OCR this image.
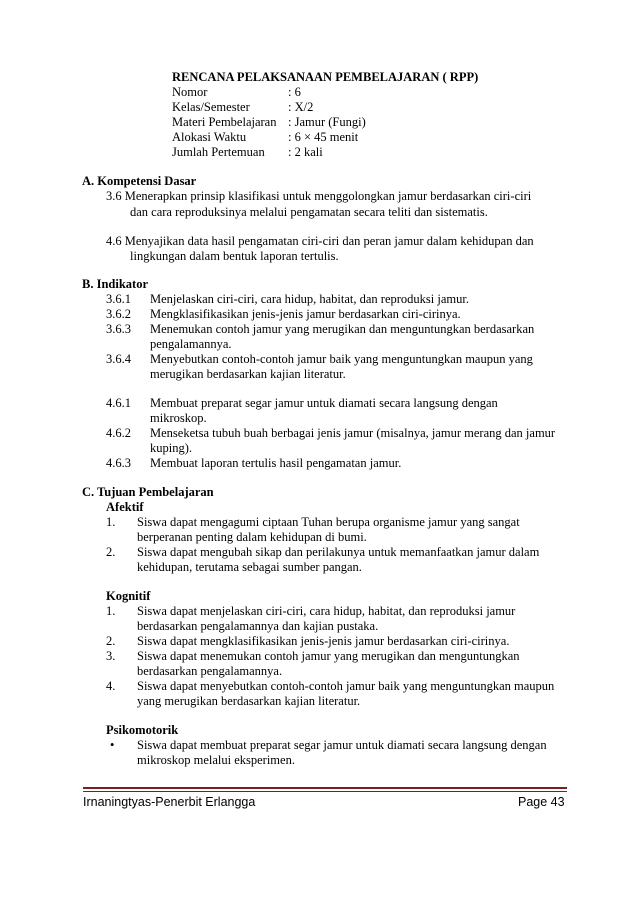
RENCANA PELAKSANAAN PEMBELAJARAN ( RPP)
Nomor	: 6
Kelas/Semester	: X/2
Materi Pembelajaran : Jamur (Fungi)
Alokasi Waktu	: 6 × 45 menit
Jumlah Pertemuan : 2 kali
A. Kompetensi Dasar
3.6 Menerapkan prinsip klasifikasi untuk menggolongkan jamur berdasarkan ciri-ciri
dan cara reproduksinya melalui pengamatan secara teliti dan sistematis.
4.6 Menyajikan data hasil pengamatan ciri-ciri dan peran jamur dalam kehidupan dan
lingkungan dalam bentuk laporan tertulis.
B. Indikator
3.6.1 Menjelaskan ciri-ciri, cara hidup, habitat, dan reproduksi jamur.
3.6.2 Mengklasifikasikan jenis-jenis jamur berdasarkan ciri-cirinya.
3.6.3 Menemukan contoh jamur yang merugikan dan menguntungkan berdasarkan
pengalamannya.
3.6.4 Menyebutkan contoh-contoh jamur baik yang menguntungkan maupun yang
merugikan berdasarkan kajian literatur.
4.6.1 Membuat preparat segar jamur untuk diamati secara langsung dengan
mikroskop.
4.6.2 Menseketsa tubuh buah berbagai jenis jamur (misalnya, jamur merang dan jamur
kuping).
4.6.3 Membuat laporan tertulis hasil pengamatan jamur.
C. Tujuan Pembelajaran
Afektif
1. Siswa dapat mengagumi ciptaan Tuhan berupa organisme jamur yang sangat
berperanan penting dalam kehidupan di bumi.
2. Siswa dapat mengubah sikap dan perilakunya untuk memanfaatkan jamur dalam
kehidupan, terutama sebagai sumber pangan.
Kognitif
1. Siswa dapat menjelaskan ciri-ciri, cara hidup, habitat, dan reproduksi jamur
berdasarkan pengalamannya dan kajian pustaka.
2. Siswa dapat mengklasifikasikan jenis-jenis jamur berdasarkan ciri-cirinya.
3. Siswa dapat menemukan contoh jamur yang merugikan dan menguntungkan
berdasarkan pengalamannya.
4. Siswa dapat menyebutkan contoh-contoh jamur baik yang menguntungkan maupun
yang merugikan berdasarkan kajian literatur.
Psikomotorik
• Siswa dapat membuat preparat segar jamur untuk diamati secara langsung dengan
mikroskop melalui eksperimen.
Irnaningtyas-Penerbit Erlangga	Page 43
